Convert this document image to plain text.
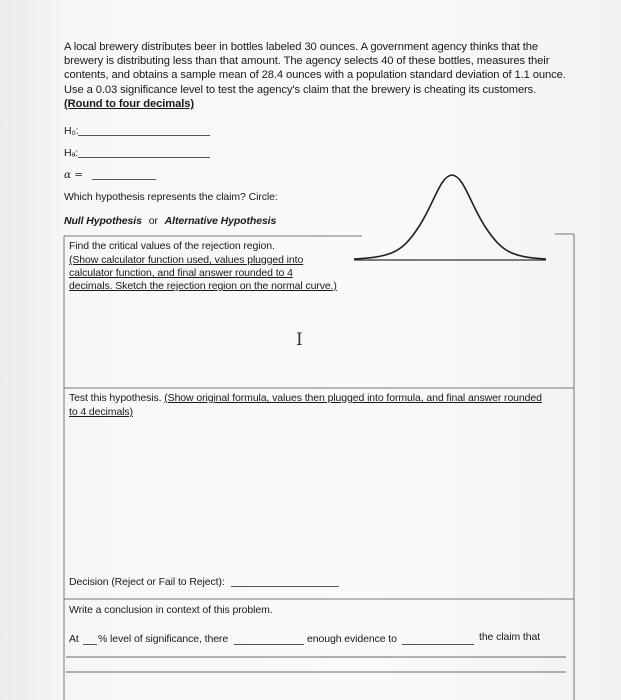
A local brewery distributes beer in bottles labeled 30 ounces. A government agency thinks that the
brewery is distributing less than that amount. The agency selects 40 of these bottles, measures their
contents, and obtains a sample mean of 28.4 ounces with a population standard deviation of 1.1 ounce.
Use a 0.03 significance level to test the agency's claim that the brewery is cheating its customers.
(Round to four decimals)
H₀:
Hₐ:
α =
Which hypothesis represents the claim? Circle:
Null Hypothesis or Alternative Hypothesis
Find the critical values of the rejection region.
(Show calculator function used, values plugged into
calculator function, and final answer rounded to 4
decimals. Sketch the rejection region on the normal curve.)
I
Test this hypothesis. (Show original formula, values then plugged into formula, and final answer rounded
to 4 decimals)
Decision (Reject or Fail to Reject):
Write a conclusion in context of this problem.
At % level of significance, there	enough evidence to	the claim that
